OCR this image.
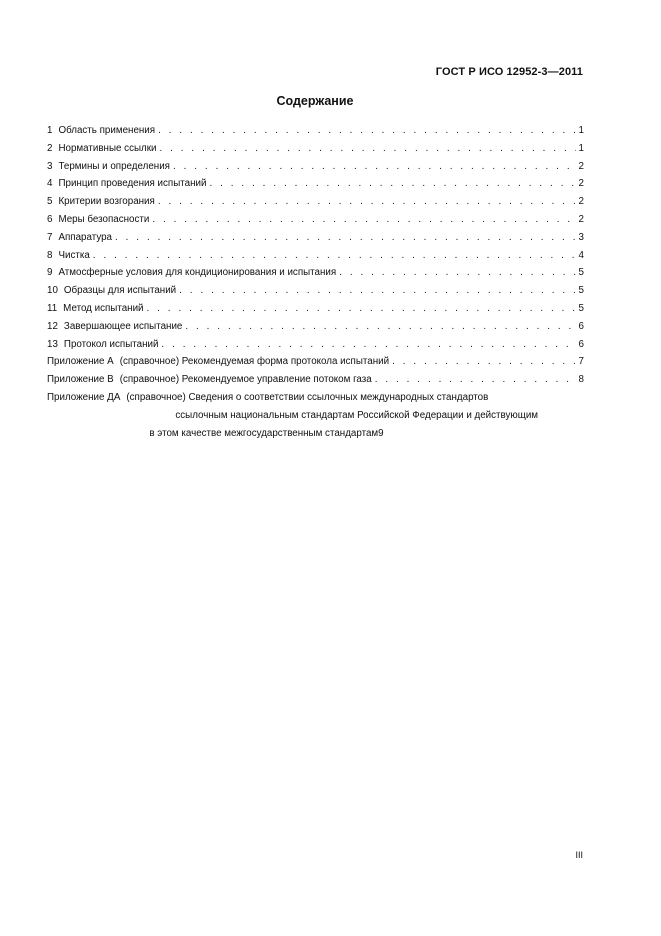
ГОСТ Р ИСО 12952-3—2011
Содержание
1 Область применения . . .	1
2 Нормативные ссылки . . .	1
3 Термины и определения . . .	2
4 Принцип проведения испытаний . . .	2
5 Критерии возгорания . . .	2
6 Меры безопасности . . .	2
7 Аппаратура . . .	3
8 Чистка . . .	4
9 Атмосферные условия для кондиционирования и испытания . . .	5
10 Образцы для испытаний . . .	5
11 Метод испытаний . . .	5
12 Завершающее испытание . . .	6
13 Протокол испытаний . . .	6
Приложение А (справочное) Рекомендуемая форма протокола испытаний . . .	7
Приложение В (справочное) Рекомендуемое управление потоком газа . . .	8
Приложение ДА (справочное) Сведения о соответствии ссылочных международных стандартов
ссылочным национальным стандартам Российской Федерации и действующим
в этом качестве межгосударственным стандартам 9
III
